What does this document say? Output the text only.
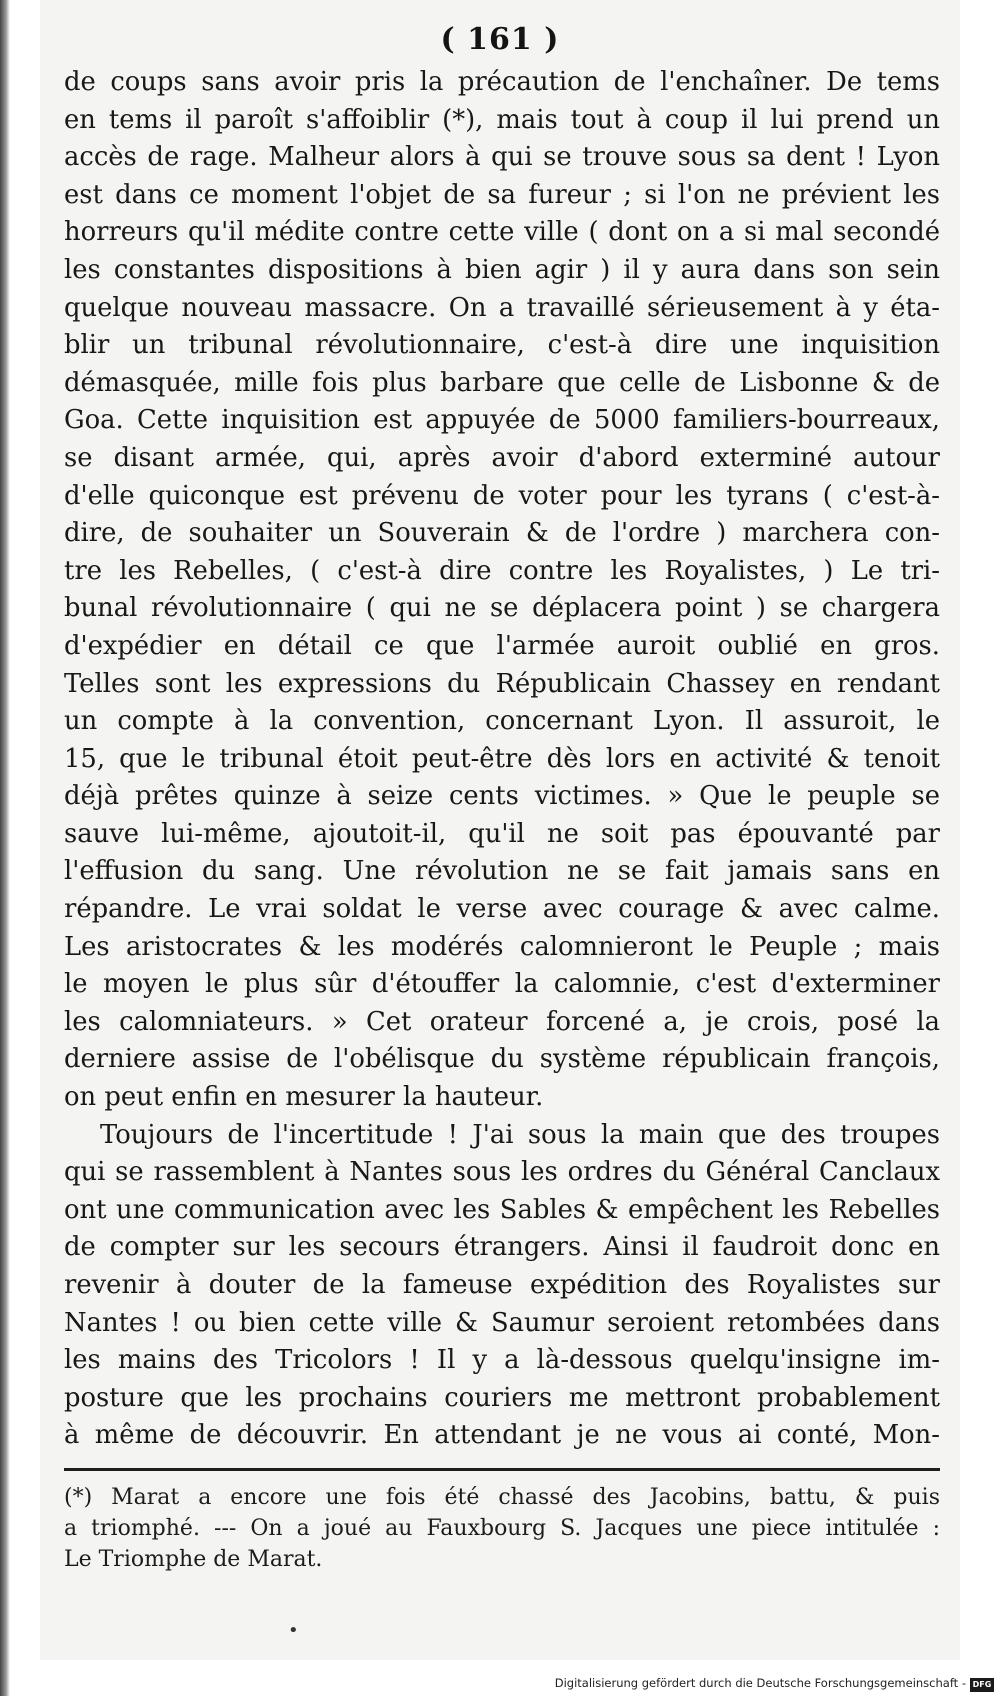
( 161 )
de coups sans avoir pris la précaution de l'enchaîner. De tems
en tems il paroît s'affoiblir (*), mais tout à coup il lui prend un
accès de rage. Malheur alors à qui se trouve sous sa dent ! Lyon
est dans ce moment l'objet de sa fureur ; si l'on ne prévient les
horreurs qu'il médite contre cette ville ( dont on a si mal secondé
les constantes dispositions à bien agir ) il y aura dans son sein
quelque nouveau massacre. On a travaillé sérieusement à y éta-
blir un tribunal révolutionnaire, c'est-à dire une inquisition
démasquée, mille fois plus barbare que celle de Lisbonne & de
Goa. Cette inquisition est appuyée de 5000 familiers-bourreaux,
se disant armée, qui, après avoir d'abord exterminé autour
d'elle quiconque est prévenu de voter pour les tyrans ( c'est-à-
dire, de souhaiter un Souverain & de l'ordre ) marchera con-
tre les Rebelles, ( c'est-à dire contre les Royalistes, ) Le tri-
bunal révolutionnaire ( qui ne se déplacera point ) se chargera
d'expédier en détail ce que l'armée auroit oublié en gros.
Telles sont les expressions du Républicain Chassey en rendant
un compte à la convention, concernant Lyon. Il assuroit, le
15, que le tribunal étoit peut-être dès lors en activité & tenoit
déjà prêtes quinze à seize cents victimes. » Que le peuple se
sauve lui-même, ajoutoit-il, qu'il ne soit pas épouvanté par
l'effusion du sang. Une révolution ne se fait jamais sans en
répandre. Le vrai soldat le verse avec courage & avec calme.
Les aristocrates & les modérés calomnieront le Peuple ; mais
le moyen le plus sûr d'étouffer la calomnie, c'est d'exterminer
les calomniateurs. » Cet orateur forcené a, je crois, posé la
derniere assise de l'obélisque du système républicain françois,
on peut enfin en mesurer la hauteur.
Toujours de l'incertitude ! J'ai sous la main que des troupes
qui se rassemblent à Nantes sous les ordres du Général Canclaux
ont une communication avec les Sables & empêchent les Rebelles
de compter sur les secours étrangers. Ainsi il faudroit donc en
revenir à douter de la fameuse expédition des Royalistes sur
Nantes ! ou bien cette ville & Saumur seroient retombées dans
les mains des Tricolors ! Il y a là-dessous quelqu'insigne im-
posture que les prochains couriers me mettront probablement
à même de découvrir. En attendant je ne vous ai conté, Mon-
(*) Marat a encore une fois été chassé des Jacobins, battu, & puis
a triomphé. --- On a joué au Fauxbourg S. Jacques une piece intitulée :
Le Triomphe de Marat.
•
Digitalisierung gefördert durch die Deutsche Forschungsgemeinschaft - DFG
